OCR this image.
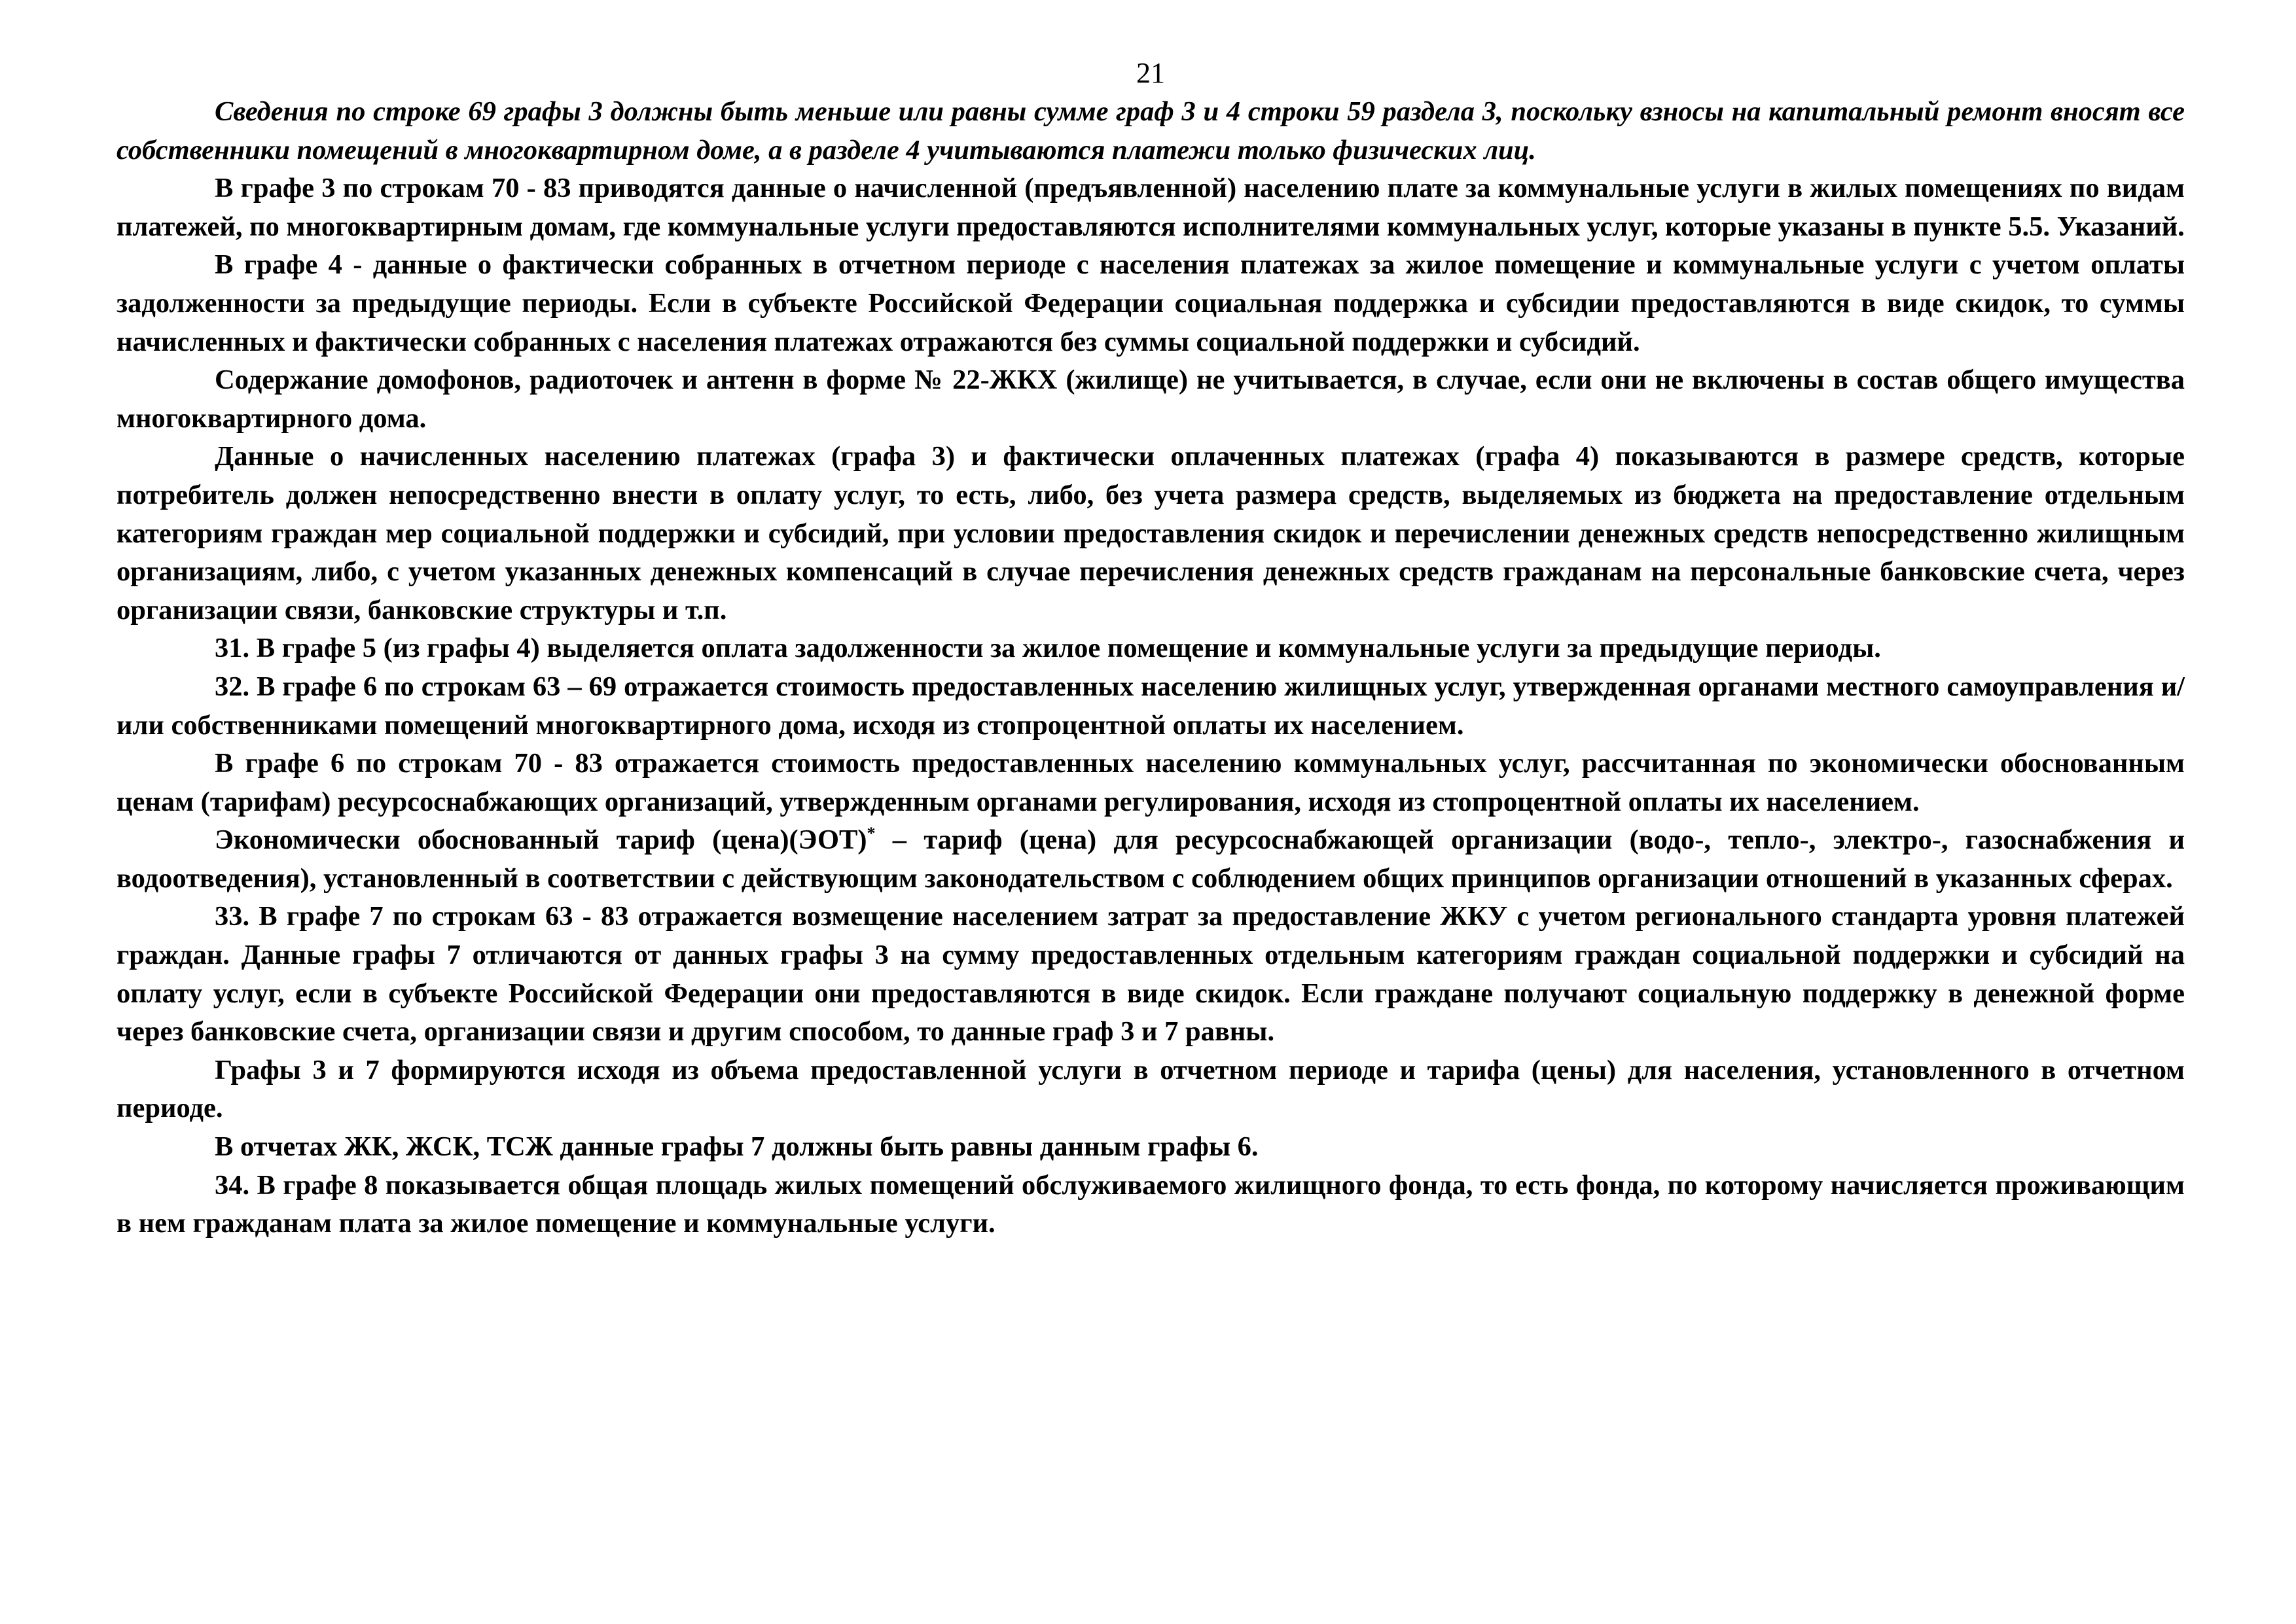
21

Сведения по строке 69 графы 3 должны быть меньше или равны сумме граф 3 и 4 строки 59 раздела 3, поскольку взносы на капитальный ремонт вносят все собственники помещений в многоквартирном доме, а в разделе 4 учитываются платежи только физических лиц.

В графе 3 по строкам 70 - 83 приводятся данные о начисленной (предъявленной) населению плате за коммунальные услуги в жилых помещениях по видам платежей, по многоквартирным домам, где коммунальные услуги предоставляются исполнителями коммунальных услуг, которые указаны в пункте 5.5. Указаний.

В графе 4 - данные о фактически собранных в отчетном периоде с населения платежах за жилое помещение и коммунальные услуги с учетом оплаты задолженности за предыдущие периоды. Если в субъекте Российской Федерации социальная поддержка и субсидии предоставляются в виде скидок, то суммы начисленных и фактически собранных с населения платежах отражаются без суммы социальной поддержки и субсидий.

Содержание домофонов, радиоточек и антенн в форме № 22-ЖКХ (жилище) не учитывается, в случае, если они не включены в состав общего имущества многоквартирного дома.

Данные о начисленных населению платежах (графа 3) и фактически оплаченных платежах (графа 4) показываются в размере средств, которые потребитель должен непосредственно внести в оплату услуг, то есть, либо, без учета размера средств, выделяемых из бюджета на предоставление отдельным категориям граждан мер социальной поддержки и субсидий, при условии предоставления скидок и перечислении денежных средств непосредственно жилищным организациям, либо, с учетом указанных денежных компенсаций в случае перечисления денежных средств гражданам на персональные банковские счета, через организации связи, банковские структуры и т.п.

31. В графе 5 (из графы 4) выделяется оплата задолженности за жилое помещение и коммунальные услуги за предыдущие периоды.

32. В графе 6 по строкам 63 – 69 отражается стоимость предоставленных населению жилищных услуг, утвержденная органами местного самоуправления и/или собственниками помещений многоквартирного дома, исходя из стопроцентной оплаты их населением.

В графе 6 по строкам 70 - 83 отражается стоимость предоставленных населению коммунальных услуг, рассчитанная по экономически обоснованным ценам (тарифам) ресурсоснабжающих организаций, утвержденным органами регулирования, исходя из стопроцентной оплаты их населением.

Экономически обоснованный тариф (цена)(ЭОТ)* – тариф (цена) для ресурсоснабжающей организации (водо-, тепло-, электро-, газоснабжения и водоотведения), установленный в соответствии с действующим законодательством с соблюдением общих принципов организации отношений в указанных сферах.

33. В графе 7 по строкам 63 - 83 отражается возмещение населением затрат за предоставление ЖКУ с учетом регионального стандарта уровня платежей граждан. Данные графы 7 отличаются от данных графы 3 на сумму предоставленных отдельным категориям граждан социальной поддержки и субсидий на оплату услуг, если в субъекте Российской Федерации они предоставляются в виде скидок. Если граждане получают социальную поддержку в денежной форме через банковские счета, организации связи и другим способом, то данные граф 3 и 7 равны.

Графы 3 и 7 формируются исходя из объема предоставленной услуги в отчетном периоде и тарифа (цены) для населения, установленного в отчетном периоде.

В отчетах ЖК, ЖСК, ТСЖ данные графы 7 должны быть равны данным графы 6.

34. В графе 8 показывается общая площадь жилых помещений обслуживаемого жилищного фонда, то есть фонда, по которому начисляется проживающим в нем гражданам плата за жилое помещение и коммунальные услуги.
